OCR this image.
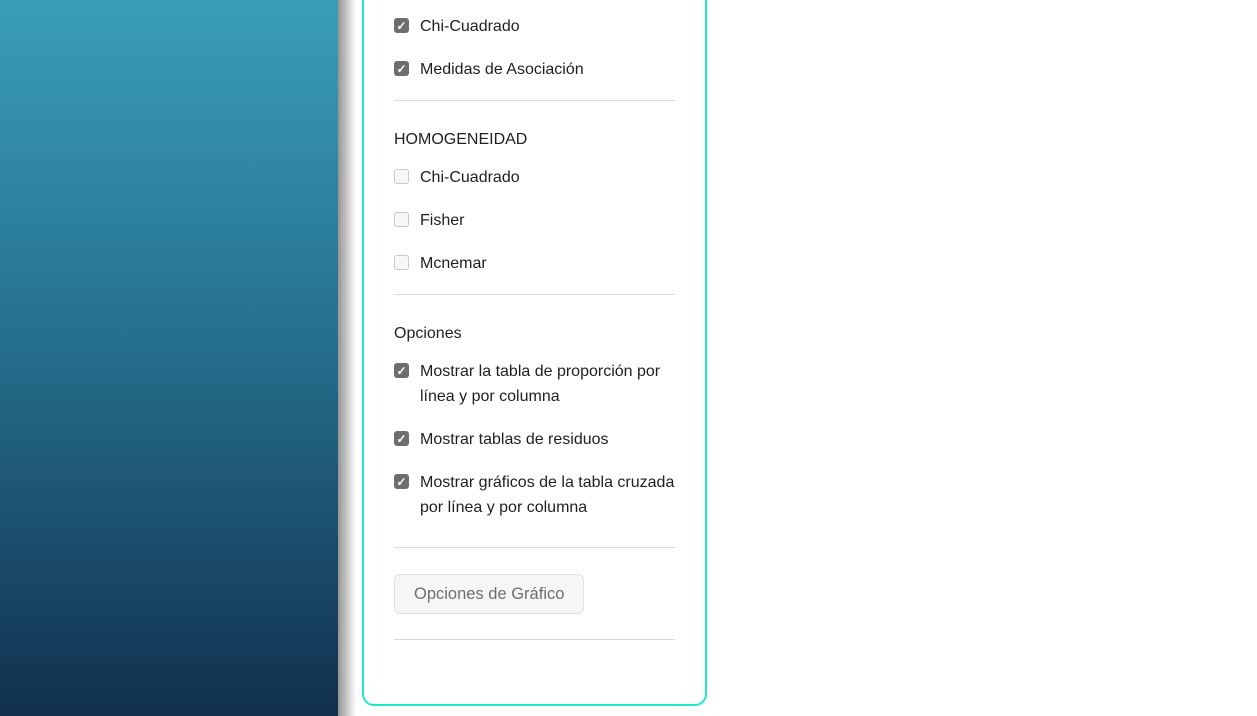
✓
Chi-Cuadrado
✓
Medidas de Asociación
HOMOGENEIDAD
Chi-Cuadrado
Fisher
Mcnemar
Opciones
✓
Mostrar la tabla de proporción por línea y por columna
✓
Mostrar tablas de residuos
✓
Mostrar gráficos de la tabla cruzada por línea y por columna
Opciones de Gráfico
